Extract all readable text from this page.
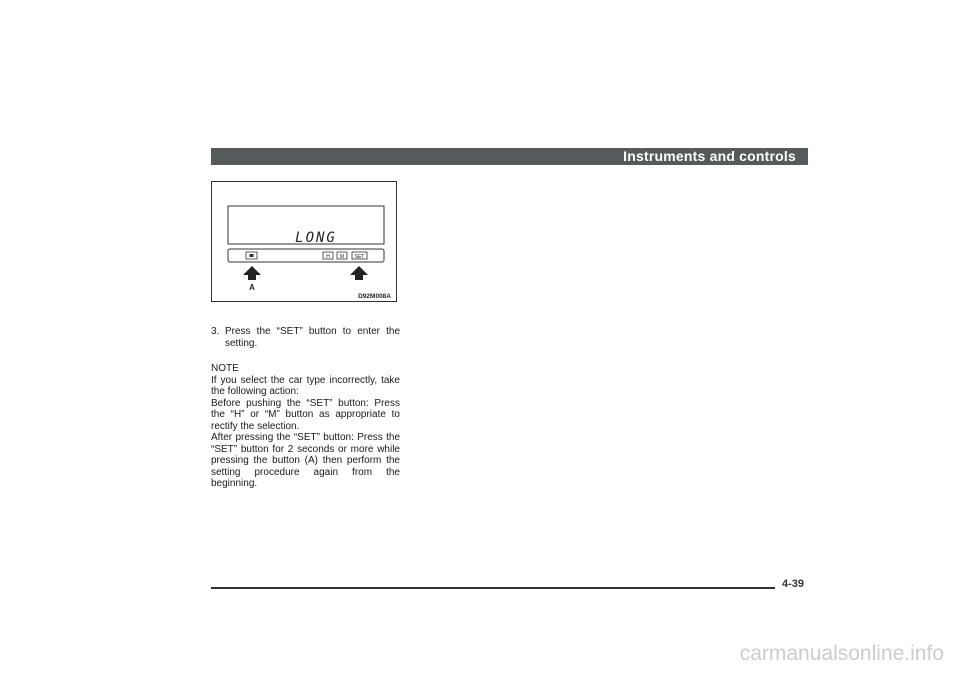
Instruments and controls
LONG
H M SET
A
D92M008A
3. Press the “SET” button to enter the setting.
NOTE
If you select the car type incorrectly, take the following action:
Before pushing the “SET” button: Press the “H” or “M” button as appropriate to rectify the selection.
After pressing the “SET” button: Press the “SET” button for 2 seconds or more while pressing the button (A) then perform the setting procedure again from the beginning.
4-39
carmanualsonline.info
